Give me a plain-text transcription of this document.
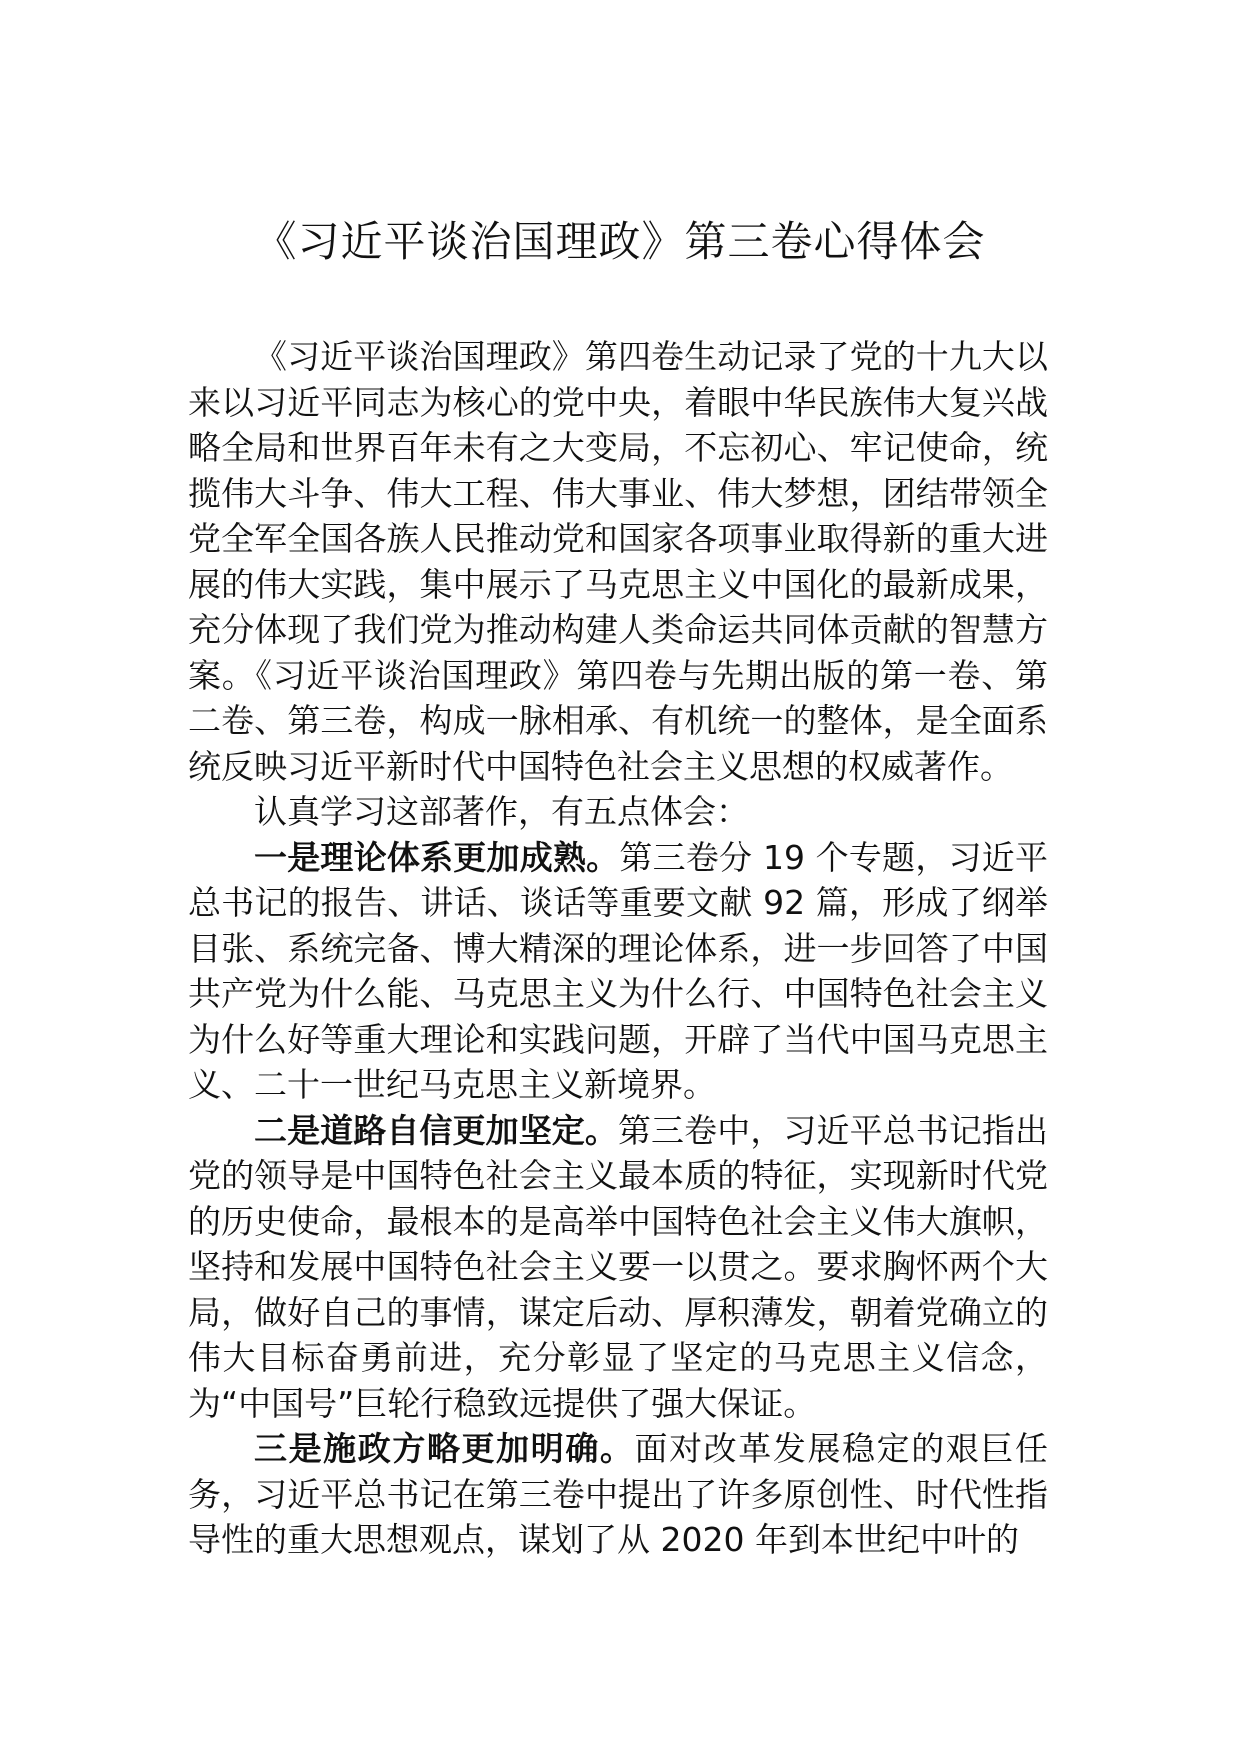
《习近平谈治国理政》第三卷心得体会

《习近平谈治国理政》第四卷生动记录了党的十九大以来以习近平同志为核心的党中央，着眼中华民族伟大复兴战略全局和世界百年未有之大变局，不忘初心、牢记使命，统揽伟大斗争、伟大工程、伟大事业、伟大梦想，团结带领全党全军全国各族人民推动党和国家各项事业取得新的重大进展的伟大实践，集中展示了马克思主义中国化的最新成果，充分体现了我们党为推动构建人类命运共同体贡献的智慧方案。《习近平谈治国理政》第四卷与先期出版的第一卷、第二卷、第三卷，构成一脉相承、有机统一的整体，是全面系统反映习近平新时代中国特色社会主义思想的权威著作。

认真学习这部著作，有五点体会：

一是理论体系更加成熟。第三卷分 19 个专题，习近平总书记的报告、讲话、谈话等重要文献 92 篇，形成了纲举目张、系统完备、博大精深的理论体系，进一步回答了中国共产党为什么能、马克思主义为什么行、中国特色社会主义为什么好等重大理论和实践问题，开辟了当代中国马克思主义、二十一世纪马克思主义新境界。

二是道路自信更加坚定。第三卷中，习近平总书记指出党的领导是中国特色社会主义最本质的特征，实现新时代党的历史使命，最根本的是高举中国特色社会主义伟大旗帜，坚持和发展中国特色社会主义要一以贯之。要求胸怀两个大局，做好自己的事情，谋定后动、厚积薄发，朝着党确立的伟大目标奋勇前进，充分彰显了坚定的马克思主义信念，为“中国号”巨轮行稳致远提供了强大保证。

三是施政方略更加明确。面对改革发展稳定的艰巨任务，习近平总书记在第三卷中提出了许多原创性、时代性指导性的重大思想观点，谋划了从 2020 年到本世纪中叶的
